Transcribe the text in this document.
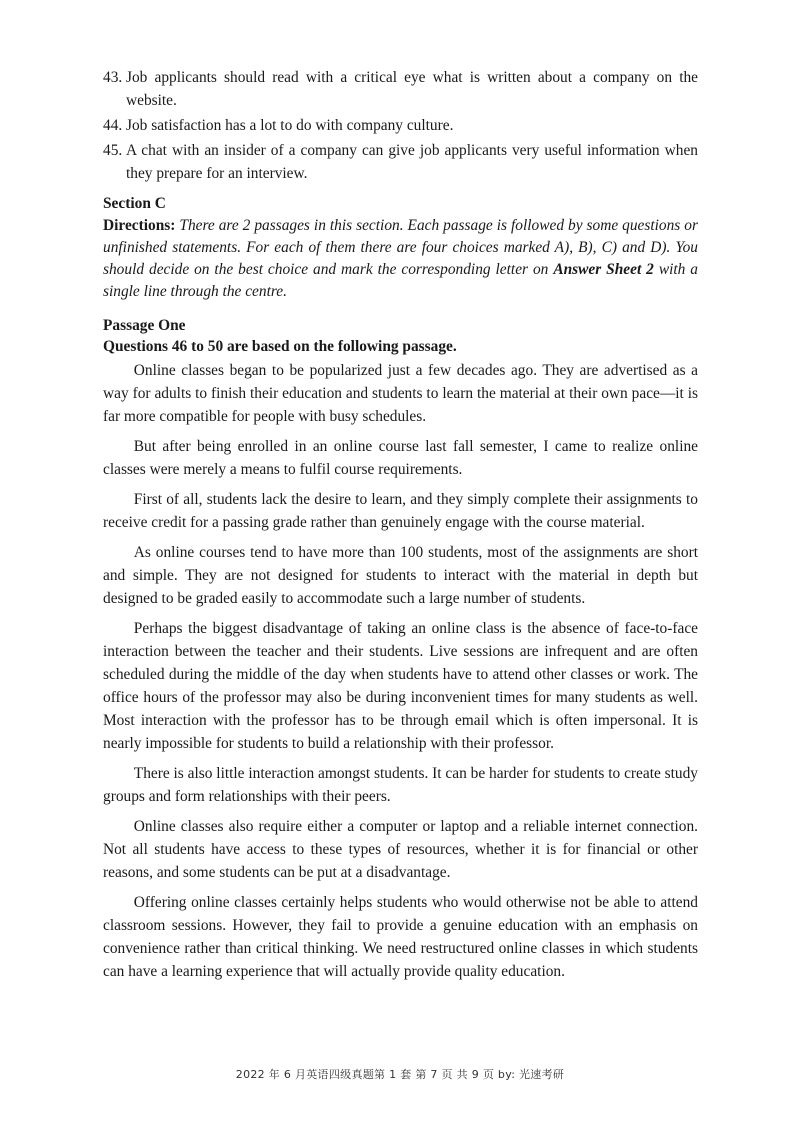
43. Job applicants should read with a critical eye what is written about a company on the website.
44. Job satisfaction has a lot to do with company culture.
45. A chat with an insider of a company can give job applicants very useful information when they prepare for an interview.
Section C
Directions: There are 2 passages in this section. Each passage is followed by some questions or unfinished statements. For each of them there are four choices marked A), B), C) and D). You should decide on the best choice and mark the corresponding letter on Answer Sheet 2 with a single line through the centre.
Passage One
Questions 46 to 50 are based on the following passage.

Online classes began to be popularized just a few decades ago. They are advertised as a way for adults to finish their education and students to learn the material at their own pace—it is far more compatible for people with busy schedules.

But after being enrolled in an online course last fall semester, I came to realize online classes were merely a means to fulfil course requirements.

First of all, students lack the desire to learn, and they simply complete their assignments to receive credit for a passing grade rather than genuinely engage with the course material.

As online courses tend to have more than 100 students, most of the assignments are short and simple. They are not designed for students to interact with the material in depth but designed to be graded easily to accommodate such a large number of students.

Perhaps the biggest disadvantage of taking an online class is the absence of face-to-face interaction between the teacher and their students. Live sessions are infrequent and are often scheduled during the middle of the day when students have to attend other classes or work. The office hours of the professor may also be during inconvenient times for many students as well. Most interaction with the professor has to be through email which is often impersonal. It is nearly impossible for students to build a relationship with their professor.

There is also little interaction amongst students. It can be harder for students to create study groups and form relationships with their peers.

Online classes also require either a computer or laptop and a reliable internet connection. Not all students have access to these types of resources, whether it is for financial or other reasons, and some students can be put at a disadvantage.

Offering online classes certainly helps students who would otherwise not be able to attend classroom sessions. However, they fail to provide a genuine education with an emphasis on convenience rather than critical thinking. We need restructured online classes in which students can have a learning experience that will actually provide quality education.

2022 年 6 月英语四级真题第 1 套 第 7 页 共 9 页 by: 光速考研
